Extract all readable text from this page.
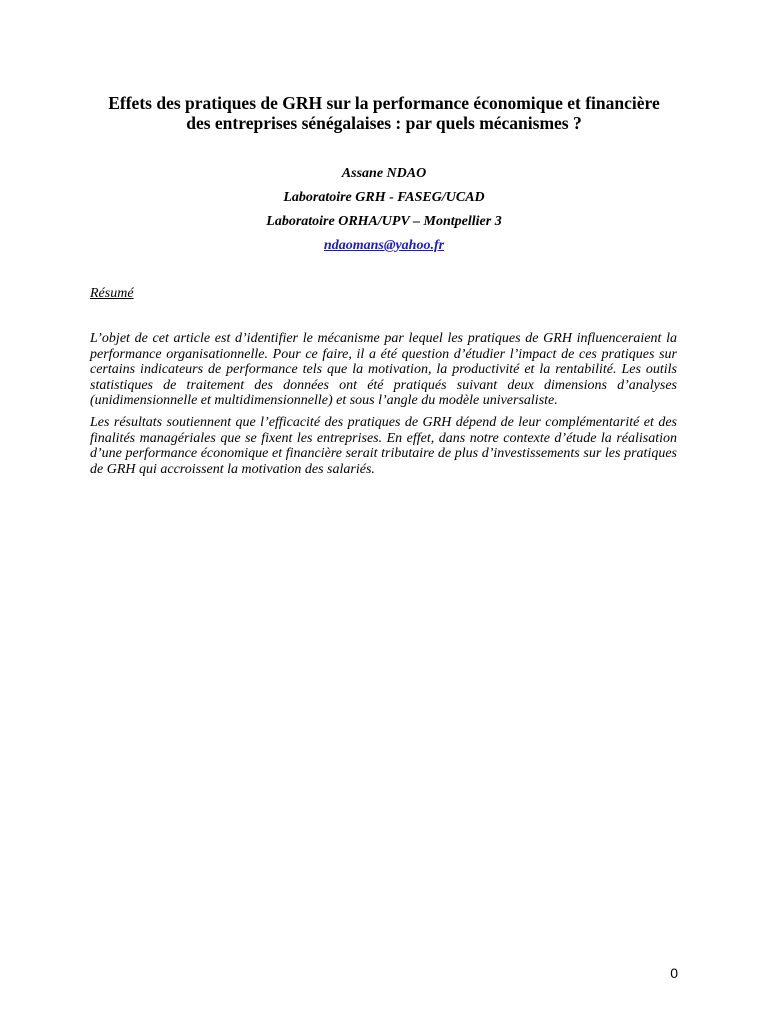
Effets des pratiques de GRH sur la performance économique et financière
des entreprises sénégalaises : par quels mécanismes ?
Assane NDAO
Laboratoire GRH - FASEG/UCAD
Laboratoire ORHA/UPV – Montpellier 3
ndaomans@yahoo.fr
Résumé

L’objet de cet article est d’identifier le mécanisme par lequel les pratiques de GRH influenceraient la performance organisationnelle. Pour ce faire, il a été question d’étudier l’impact de ces pratiques sur certains indicateurs de performance tels que la motivation, la productivité et la rentabilité. Les outils statistiques de traitement des données ont été pratiqués suivant deux dimensions d’analyses (unidimensionnelle et multidimensionnelle) et sous l’angle du modèle universaliste.

Les résultats soutiennent que l’efficacité des pratiques de GRH dépend de leur complémentarité et des finalités managériales que se fixent les entreprises. En effet, dans notre contexte d’étude la réalisation d’une performance économique et financière serait tributaire de plus d’investissements sur les pratiques de GRH qui accroissent la motivation des salariés.

0
